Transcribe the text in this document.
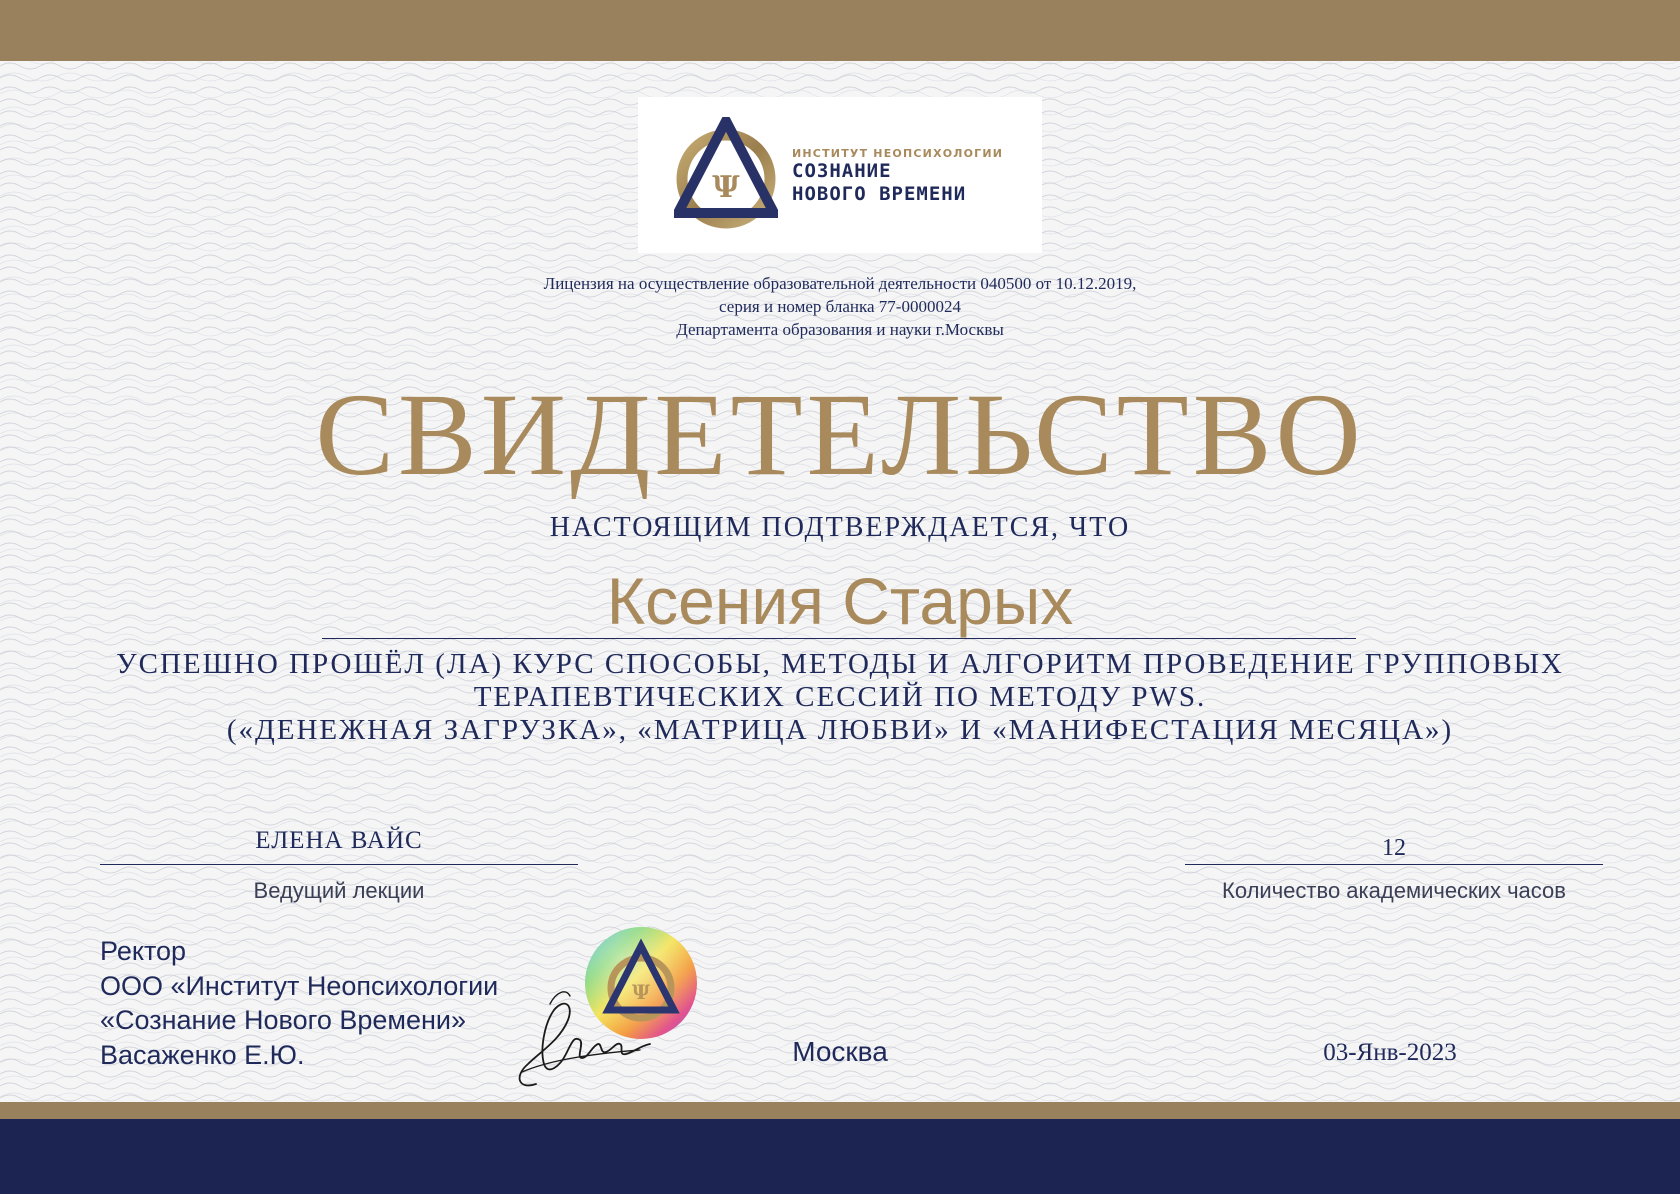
Ψ
ИНСТИТУТ НЕОПСИХОЛОГИИ
СОЗНАНИЕ
НОВОГО ВРЕМЕНИ
Лицензия на осуществление образовательной деятельности 040500 от 10.12.2019,
серия и номер бланка 77-0000024
Департамента образования и науки г.Москвы
СВИДЕТЕЛЬСТВО
НАСТОЯЩИМ ПОДТВЕРЖДАЕТСЯ, ЧТО
Ксения Старых
УСПЕШНО ПРОШЁЛ (ЛА) КУРС СПОСОБЫ, МЕТОДЫ И АЛГОРИТМ ПРОВЕДЕНИЕ ГРУППОВЫХ
ТЕРАПЕВТИЧЕСКИХ СЕССИЙ ПО МЕТОДУ PWS.
(«ДЕНЕЖНАЯ ЗАГРУЗКА», «МАТРИЦА ЛЮБВИ» И «МАНИФЕСТАЦИЯ МЕСЯЦА»)
ЕЛЕНА ВАЙС
Ведущий лекции
12
Количество академических часов
Ректор
ООО «Институт Неопсихологии
«Сознание Нового Времени»
Васаженко Е.Ю.
Ψ
Москва	03-Янв-2023
